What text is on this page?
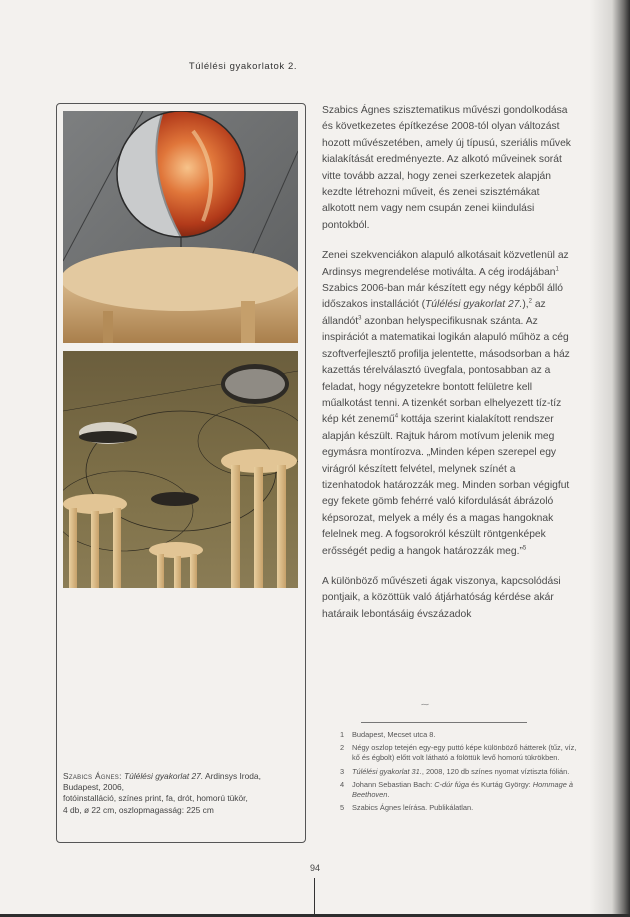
Túlélési gyakorlatok 2.
Szabics Ágnes: Túlélési gyakorlat 27. Ardinsys Iroda,
Budapest, 2006,
fotóinstalláció, színes print, fa, drót, homorú tükör,
4 db, ø 22 cm, oszlopmagasság: 225 cm

Szabics Ágnes szisztematikus művészi gondolkodása és következetes építkezése 2008-tól olyan változást hozott művészetében, amely új típusú, szeriális művek kialakítását eredményezte. Az alkotó műveinek sorát vitte tovább azzal, hogy zenei szerkezetek alapján kezdte létrehozni műveit, és zenei szisztémákat alkotott nem vagy nem csupán zenei kiindulási pontokból.

Zenei szekvenciákon alapuló alkotásait közvetlenül az Ardinsys megrendelése motiválta. A cég irodájában$^1$ Szabics 2006-ban már készített egy négy képből álló időszakos installációt (Túlélési gyakorlat 27.),$^2$ az állandót$^3$ azonban helyspecifikusnak szánta. Az inspirációt a matematikai logikán alapuló műhöz a cég szoftverfejlesztő profilja jelentette, másodsorban a ház kazettás térelválasztó üvegfala, pontosabban az a feladat, hogy négyzetekre bontott felületre kell műalkotást tenni. A tizenkét sorban elhelyezett tíz-tíz kép két zenemű$^4$ kottája szerint kialakított rendszer alapján készült. Rajtuk három motívum jelenik meg egymásra montírozva. „Minden képen szerepel egy virágról készített felvétel, melynek színét a tizenhatodok határozzák meg. Minden sorban végigfut egy fekete gömb fehérré való kifordulását ábrázoló képsorozat, melyek a mély és a magas hangoknak felelnek meg. A fogsorokról készült röntgenképek erősségét pedig a hangok határozzák meg.”$^5$

A különböző művészeti ágak viszonya, kapcsolódási pontjaik, a közöttük való átjárhatóság kérdése akár határaik lebontásáig évszázadok

⁓
1	Budapest, Mecset utca 8.
2	Négy oszlop tetején egy-egy puttó képe különböző hátterek (tűz, víz, kő és égbolt) előtt volt látható a fölöttük levő homorú tükrökben.
3	Túlélési gyakorlat 31., 2008, 120 db színes nyomat víztiszta fólián.
4	Johann Sebastian Bach: C-dúr fúga és Kurtág György: Hommage à Beethoven.
5	Szabics Ágnes leírása. Publikálatlan.
94
